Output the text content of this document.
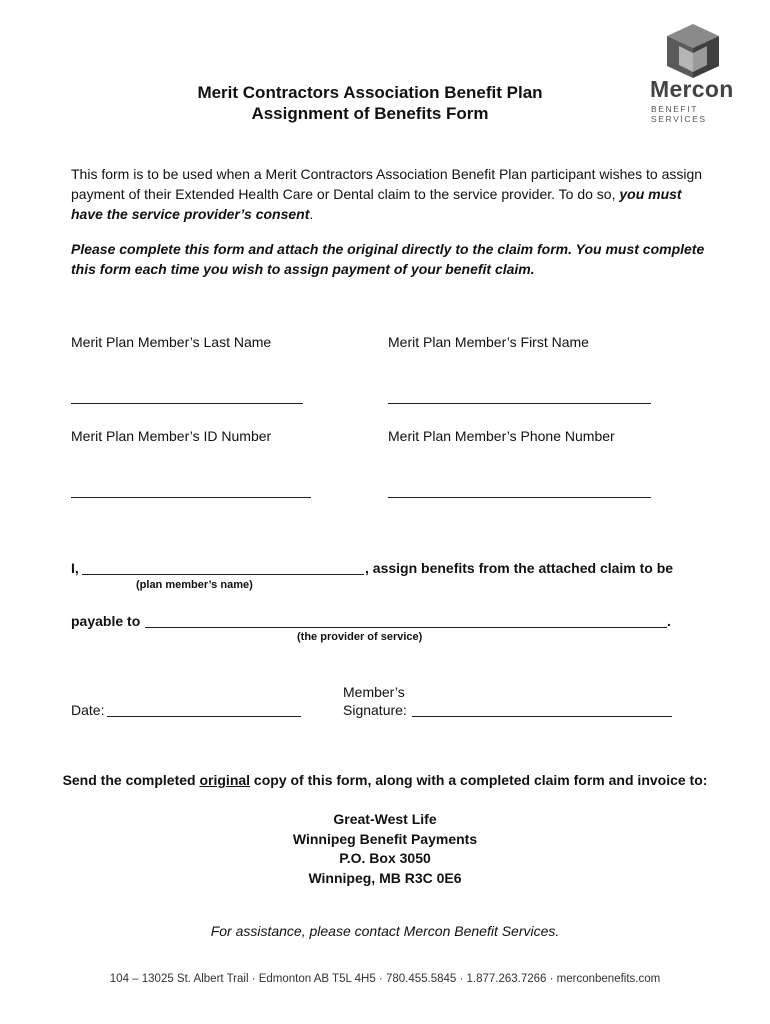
Mercon
BENEFIT SERVICES
Merit Contractors Association Benefit Plan
Assignment of Benefits Form
This form is to be used when a Merit Contractors Association Benefit Plan participant wishes to assign payment of their Extended Health Care or Dental claim to the service provider. To do so, you must have the service provider’s consent.
Please complete this form and attach the original directly to the claim form. You must complete this form each time you wish to assign payment of your benefit claim.
Merit Plan Member’s Last Name	Merit Plan Member’s First Name
Merit Plan Member’s ID Number	Merit Plan Member’s Phone Number
I,	, assign benefits from the attached claim to be
(plan member’s name)
payable to	.
(the provider of service)
Date:
Member’s
Signature:
Send the completed original copy of this form, along with a completed claim form and invoice to:
Great-West Life
Winnipeg Benefit Payments
P.O. Box 3050
Winnipeg, MB R3C 0E6
For assistance, please contact Mercon Benefit Services.
104 – 13025 St. Albert Trail · Edmonton AB T5L 4H5 · 780.455.5845 · 1.877.263.7266 · merconbenefits.com
